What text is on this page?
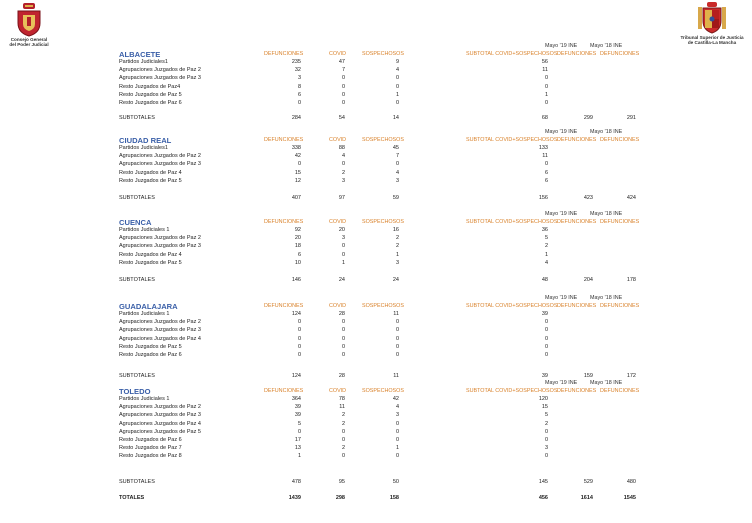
Consejo General
del Poder Judicial
Tribunal Superior de Justicia
de Castilla-La Mancha
ALBACETE
Mayo '19 INE Mayo '18 INE
DEFUNCIONES	COVID	SOSPECHOSOS	SUBTOTAL COVID+SOSPECHOSOS DEFUNCIONES DEFUNCIONES
Partidos Judiciales1	235	47	9	56
Agrupaciones Juzgados de Paz 2	32	7	4	11
Agrupaciones Juzgados de Paz 3	3	0	0	0
Resto Juzgados de Paz4	8	0	0	0
Resto Juzgados de Paz 5	6	0	1	1
Resto Juzgados de Paz 6	0	0	0	0
SUBTOTALES	284	54	14	68	299	291
CIUDAD REAL
Mayo '19 INE Mayo '18 INE
DEFUNCIONES	COVID	SOSPECHOSOS	SUBTOTAL COVID+SOSPECHOSOS DEFUNCIONES DEFUNCIONES
Partidos Judiciales1	338	88	45	133
Agrupaciones Juzgados de Paz 2	42	4	7	11
Agrupaciones Juzgados de Paz 3	0	0	0	0
Resto Juzgados de Paz 4	15	2	4	6
Resto Juzgados de Paz 5	12	3	3	6
SUBTOTALES	407	97	59	156	423	424
CUENCA
Mayo '19 INE Mayo '18 INE
DEFUNCIONES	COVID	SOSPECHOSOS	SUBTOTAL COVID+SOSPECHOSOS DEFUNCIONES DEFUNCIONES
Partidos Judiciales 1	92	20	16	36
Agrupaciones Juzgados de Paz 2	20	3	2	5
Agrupaciones Juzgados de Paz 3	18	0	2	2
Resto Juzgados de Paz 4	6	0	1	1
Resto Juzgados de Paz 5	10	1	3	4
SUBTOTALES	146	24	24	48	204	178
GUADALAJARA
Mayo '19 INE Mayo '18 INE
DEFUNCIONES	COVID	SOSPECHOSOS	SUBTOTAL COVID+SOSPECHOSOS DEFUNCIONES DEFUNCIONES
Partidos Judiciales 1	124	28	11	39
Agrupaciones Juzgados de Paz 2	0	0	0	0
Agrupaciones Juzgados de Paz 3	0	0	0	0
Agrupaciones Juzgados de Paz 4	0	0	0	0
Resto Juzgados de Paz 5	0	0	0	0
Resto Juzgados de Paz 6	0	0	0	0
SUBTOTALES	124	28	11	39	159	172
TOLEDO
Mayo '19 INE Mayo '18 INE
DEFUNCIONES	COVID	SOSPECHOSOS	SUBTOTAL COVID+SOSPECHOSOS DEFUNCIONES DEFUNCIONES
Partidos Judiciales 1	364	78	42	120
Agrupaciones Juzgados de Paz 2	39	11	4	15
Agrupaciones Juzgados de Paz 3	39	2	3	5
Agrupaciones Juzgados de Paz 4	5	2	0	2
Agrupaciones Juzgados de Paz 5	0	0	0	0
Resto Juzgados de Paz 6	17	0	0	0
Resto Juzgados de Paz 7	13	2	1	3
Resto Juzgados de Paz 8	1	0	0	0
SUBTOTALES	478	95	50	145	529	480
TOTALES	1439	298	158	456	1614	1545
